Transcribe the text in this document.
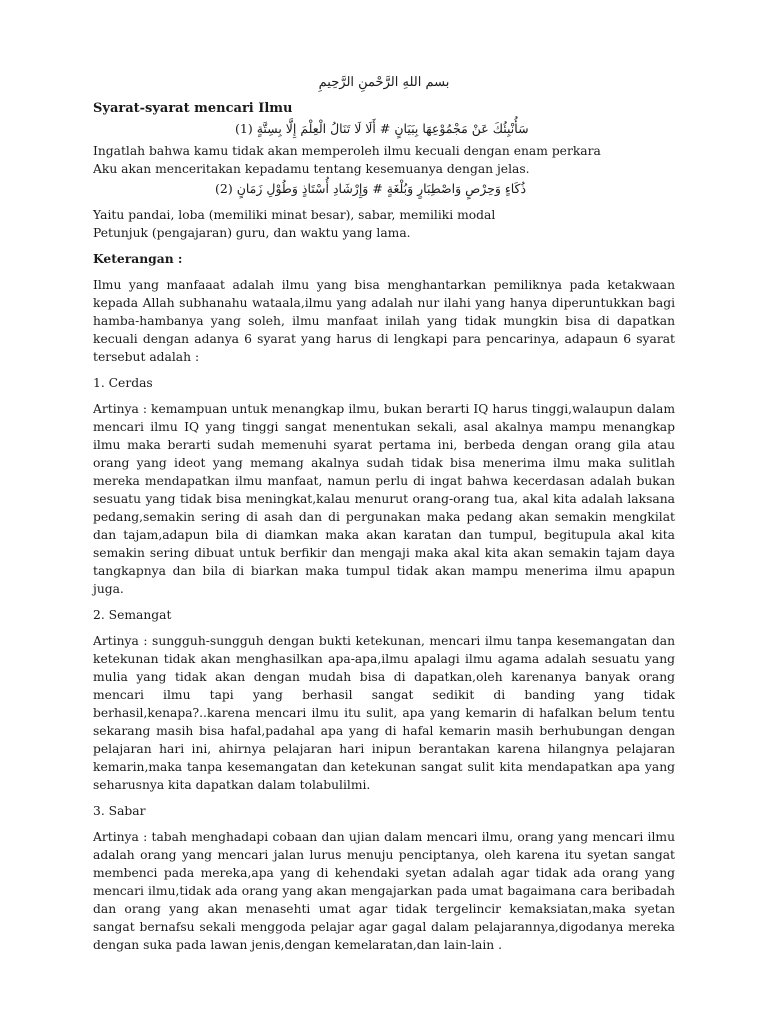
بسم اللهِ الرَّحْمنِ الرَّحِيمِ

Syarat-syarat mencari Ilmu

سَأُنْبِئُكَ عَنْ مَجْمُوْعِهَا بِبَيَانٍ # أَلَا لَا تَنَالُ الْعِلْمَ إِلَّا بِسِتَّةٍ (1)

Ingatlah bahwa kamu tidak akan memperoleh ilmu kecuali dengan enam perkara

Aku akan menceritakan kepadamu tentang kesemuanya dengan jelas.

ذُكَاءٍ وَحِرْصٍ وَاصْطِبَارٍ وَبُلْغَةٍ # وَإِرْشَادِ أُسْتَاذٍ وَطُوْلِ زَمَانٍ (2)

Yaitu pandai, loba (memiliki minat besar), sabar, memiliki modal

Petunjuk (pengajaran) guru, dan waktu yang lama.

Keterangan :

Ilmu yang manfaaat adalah ilmu yang bisa menghantarkan pemiliknya pada ketakwaan kepada Allah subhanahu wataala,ilmu yang adalah nur ilahi yang hanya diperuntukkan bagi hamba-hambanya yang soleh, ilmu manfaat inilah yang tidak mungkin bisa di dapatkan kecuali dengan adanya 6 syarat yang harus di lengkapi para pencarinya, adapaun 6 syarat tersebut adalah :

1. Cerdas

Artinya : kemampuan untuk menangkap ilmu, bukan berarti IQ harus tinggi,walaupun dalam mencari ilmu IQ yang tinggi sangat menentukan sekali, asal akalnya mampu menangkap ilmu maka berarti sudah memenuhi syarat pertama ini, berbeda dengan orang gila atau orang yang ideot yang memang akalnya sudah tidak bisa menerima ilmu maka sulitlah mereka mendapatkan ilmu manfaat, namun perlu di ingat bahwa kecerdasan adalah bukan sesuatu yang tidak bisa meningkat,kalau menurut orang-orang tua, akal kita adalah laksana pedang,semakin sering di asah dan di pergunakan maka pedang akan semakin mengkilat dan tajam,adapun bila di diamkan maka akan karatan dan tumpul, begitupula akal kita semakin sering dibuat untuk berfikir dan mengaji maka akal kita akan semakin tajam daya tangkapnya dan bila di biarkan maka tumpul tidak akan mampu menerima ilmu apapun juga.

2. Semangat

Artinya : sungguh-sungguh dengan bukti ketekunan, mencari ilmu tanpa kesemangatan dan ketekunan tidak akan menghasilkan apa-apa,ilmu apalagi ilmu agama adalah sesuatu yang mulia yang tidak akan dengan mudah bisa di dapatkan,oleh karenanya banyak orang mencari ilmu tapi yang berhasil sangat sedikit di banding yang tidak berhasil,kenapa?..karena mencari ilmu itu sulit, apa yang kemarin di hafalkan belum tentu sekarang masih bisa hafal,padahal apa yang di hafal kemarin masih berhubungan dengan pelajaran hari ini, ahirnya pelajaran hari inipun berantakan karena hilangnya pelajaran kemarin,maka tanpa kesemangatan dan ketekunan sangat sulit kita mendapatkan apa yang seharusnya kita dapatkan dalam tolabulilmi.

3. Sabar

Artinya : tabah menghadapi cobaan dan ujian dalam mencari ilmu, orang yang mencari ilmu adalah orang yang mencari jalan lurus menuju penciptanya, oleh karena itu syetan sangat membenci pada mereka,apa yang di kehendaki syetan adalah agar tidak ada orang yang mencari ilmu,tidak ada orang yang akan mengajarkan pada umat bagaimana cara beribadah dan orang yang akan menasehti umat agar tidak tergelincir kemaksiatan,maka syetan sangat bernafsu sekali menggoda pelajar agar gagal dalam pelajarannya,digodanya mereka dengan suka pada lawan jenis,dengan kemelaratan,dan lain-lain .
